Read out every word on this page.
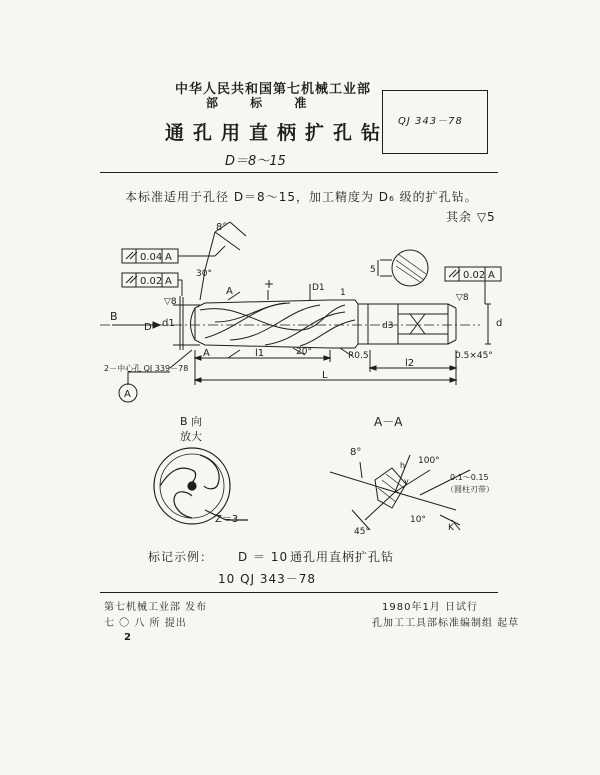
中华人民共和国第七机械工业部
部 标 准
通孔用直柄扩孔钻
D＝8～15
QJ 343－78
本标准适用于孔径 D＝8～15，加工精度为 D₆ 级的扩孔钻。
其余 ▽5
0.04 A
0.02 A
0.02 A
8°
30°
20°
▽8	▽8
B
A
A
d1
D
D1
d
d3
5
+
1
R0.5	0.5×45°
l1
l2
L
2－中心孔 QJ 339－78
A
B 向
放大
Z＝3
A－A
8°
100°
45°
10°
0.1～0.15
（圆柱刃带）
h
γ
K
标记示例： D ＝ 10 通孔用直柄扩孔钻
10 QJ 343－78
第七机械工业部 发布
七 〇 八 所 提出
1980年1月 日试行
孔加工工具部标准编制组 起草
2
